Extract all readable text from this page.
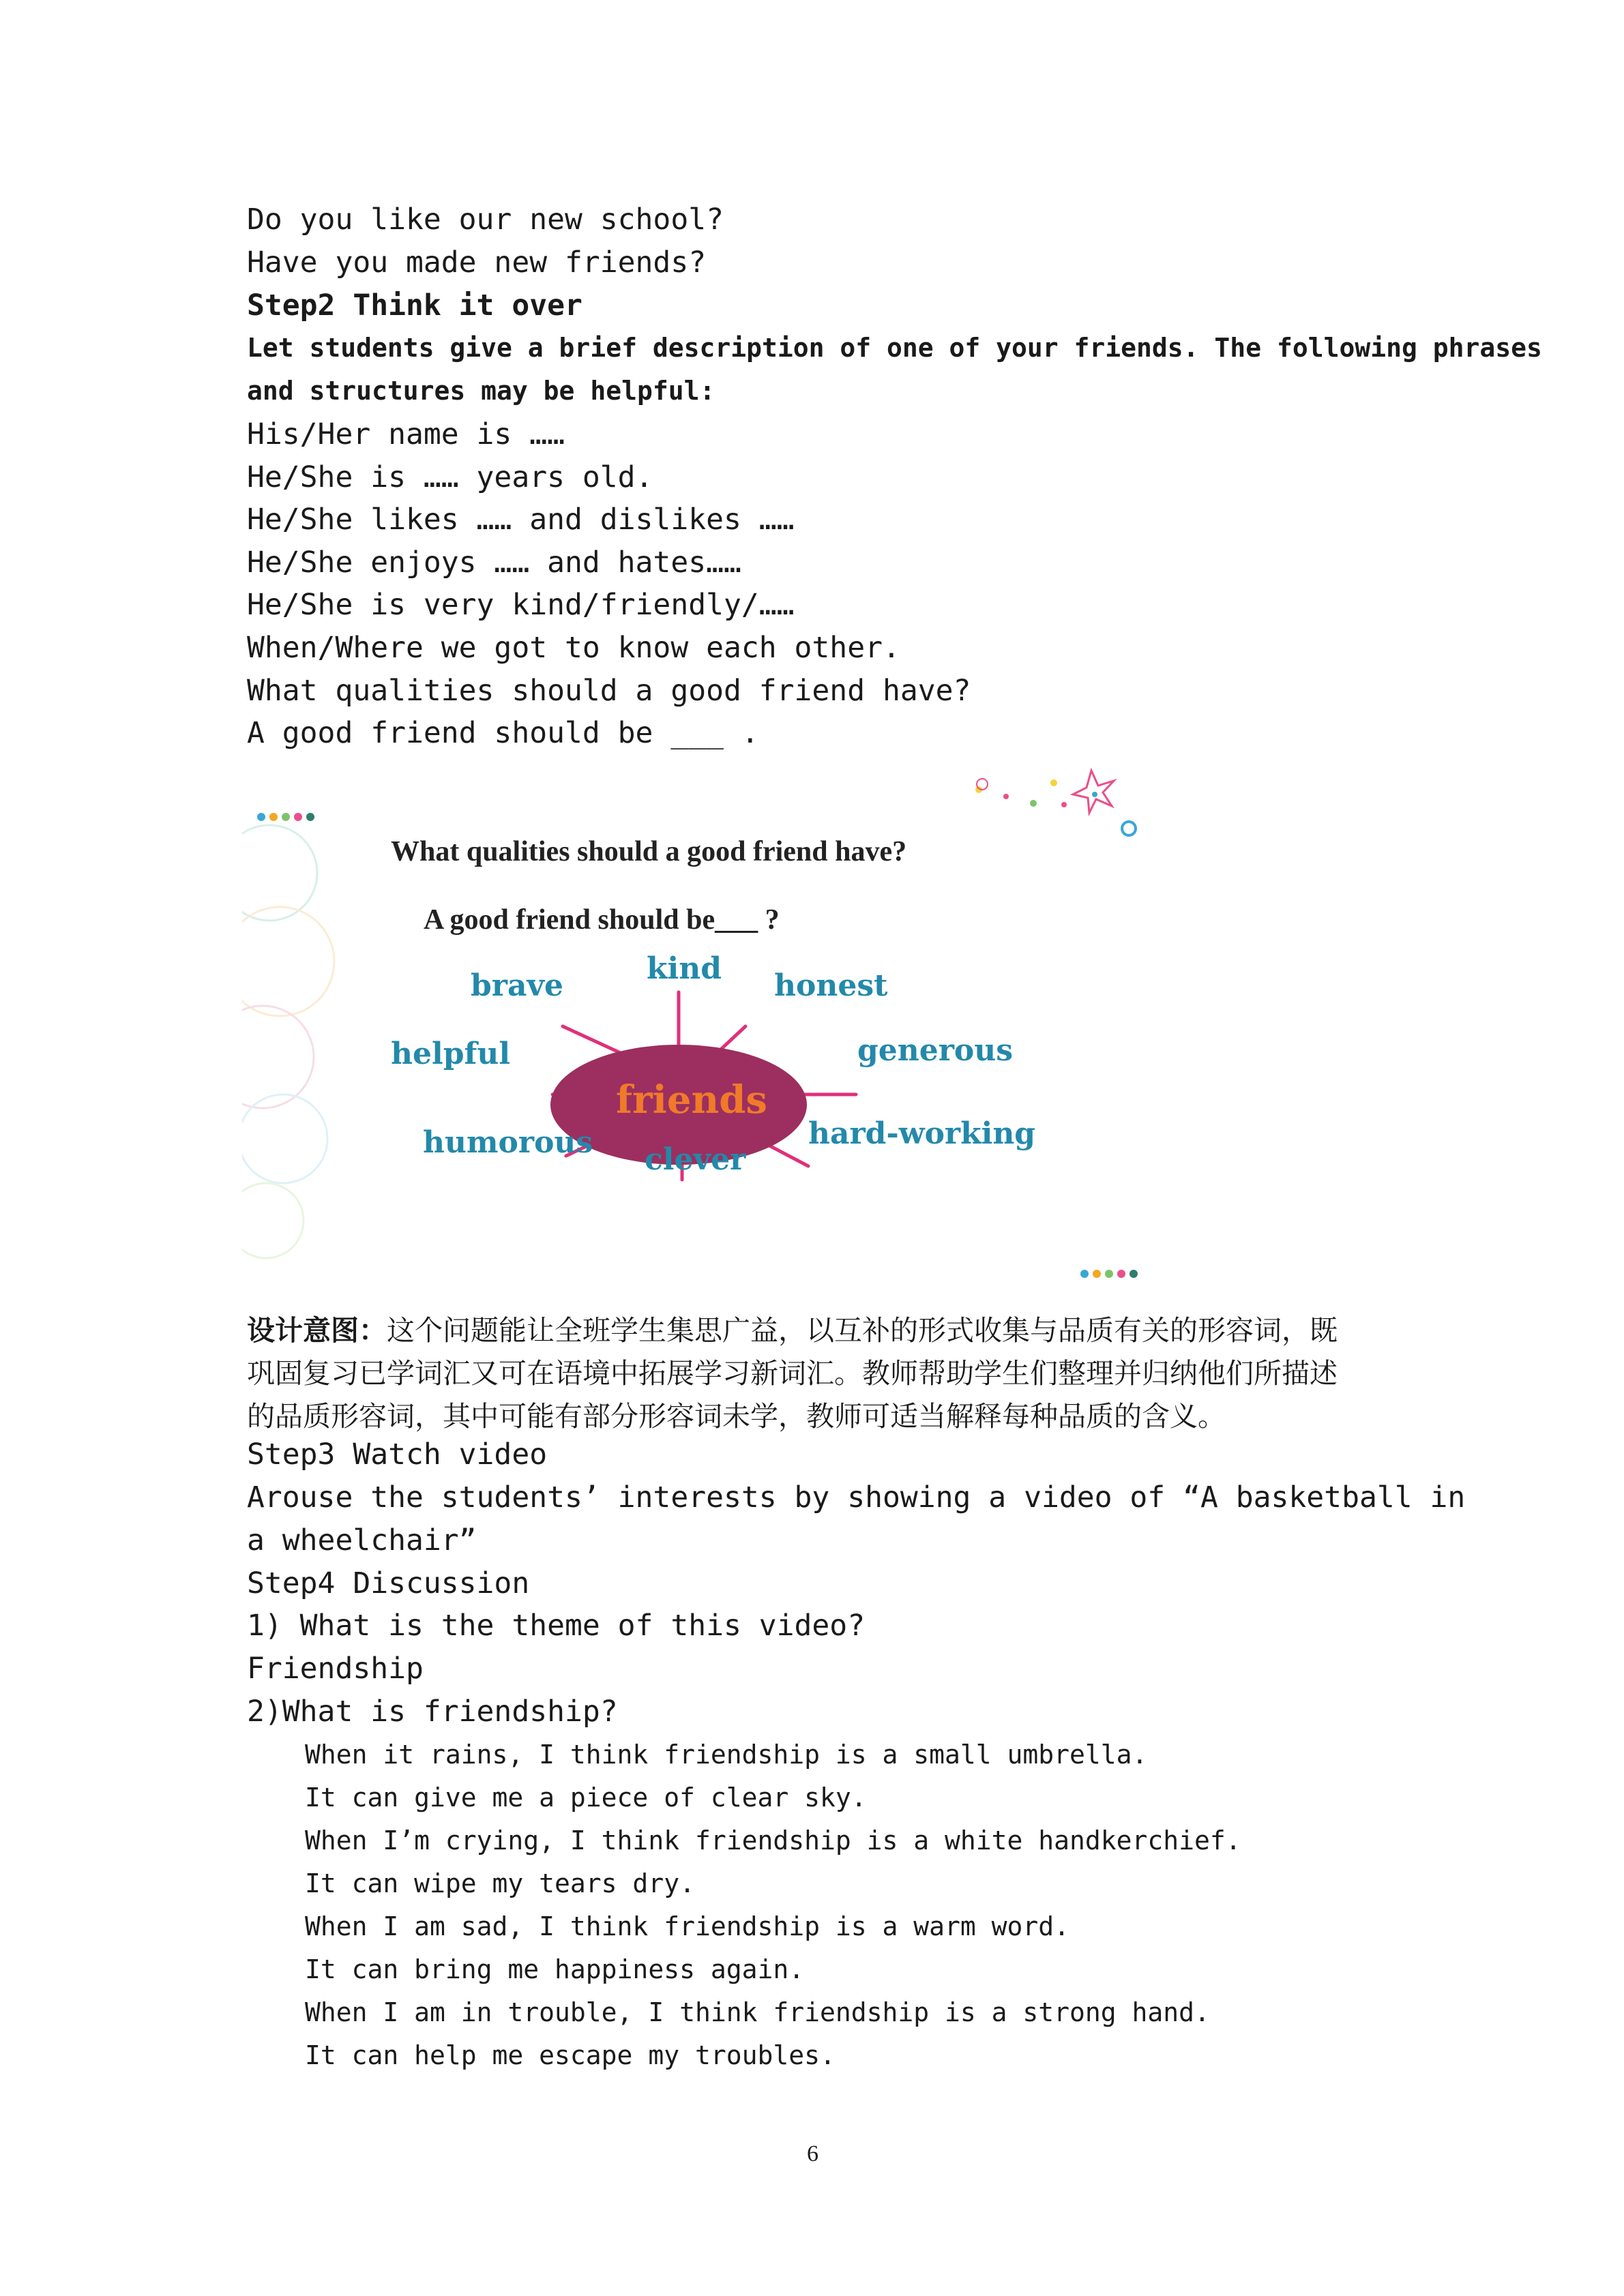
Do you like our new school?
Have you made new friends?
Step2 Think it over
Let students give a brief description of one of your friends. The following phrases
and structures may be helpful:
His/Her name is ……
He/She is …… years old.
He/She likes …… and dislikes ……
He/She enjoys …… and hates……
He/She is very kind/friendly/……
When/Where we got to know each other.
What qualities should a good friend have?
A good friend should be ___ .
What qualities should a good friend have?
A good friend should be___ ?
friends
kind
brave	honest
helpful	generous
humorous clever
hard-working
设计意图：这个问题能让全班学生集思广益，以互补的形式收集与品质有关的形容词，既
巩固复习已学词汇又可在语境中拓展学习新词汇。教师帮助学生们整理并归纳他们所描述
的品质形容词，其中可能有部分形容词未学，教师可适当解释每种品质的含义。
Step3 Watch video
Arouse the students’ interests by showing a video of “A basketball in
a wheelchair”
Step4 Discussion
1) What is the theme of this video?
Friendship
2)What is friendship?
When it rains, I think friendship is a small umbrella.
It can give me a piece of clear sky.
When I’m crying, I think friendship is a white handkerchief.
It can wipe my tears dry.
When I am sad, I think friendship is a warm word.
It can bring me happiness again.
When I am in trouble, I think friendship is a strong hand.
It can help me escape my troubles.
6
